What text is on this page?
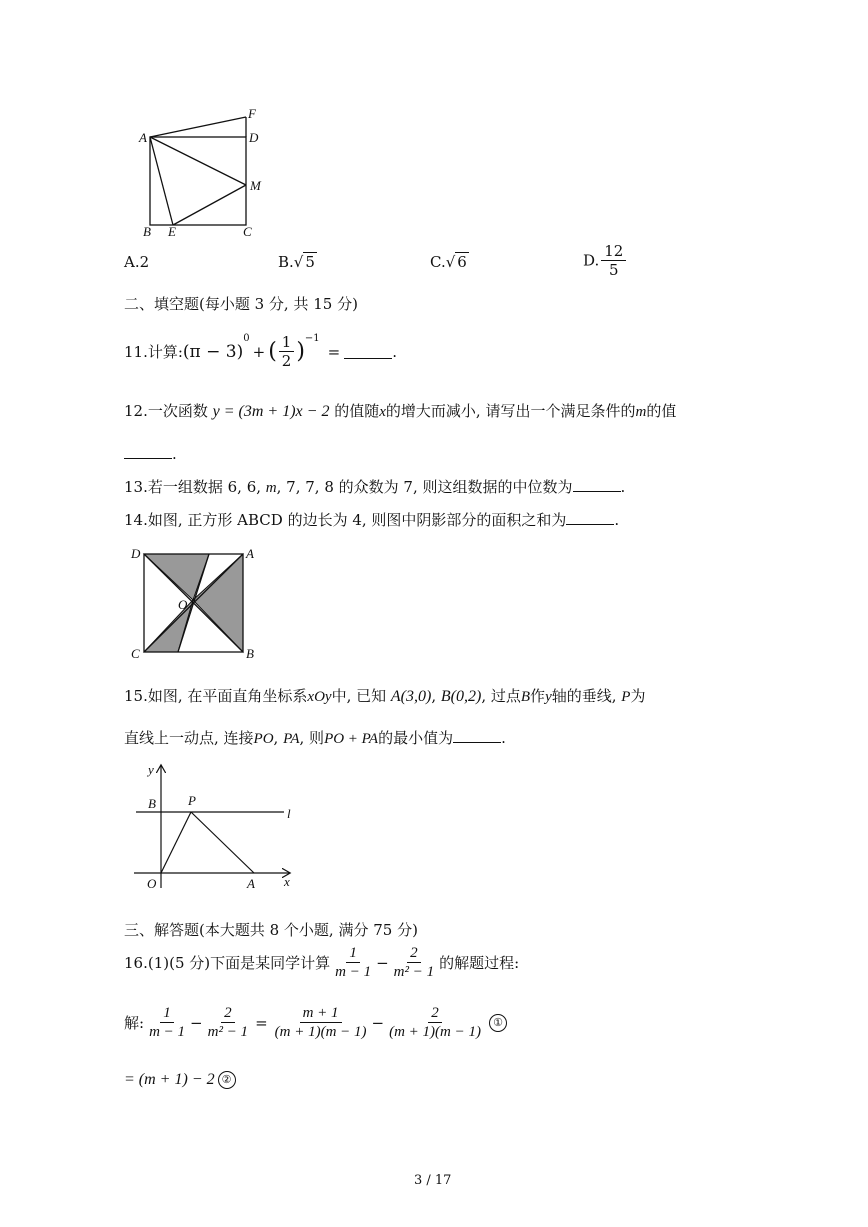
F
A	D
M
B E	C
A.2	B.√ 5	C.√ 6	D. $\frac{12}{5}$
二、填空题(每小题 3 分, 共 15 分)
11.计算: (π − 3)
$^0$
+ ( $\frac{1}{2}$ )
$^{-1}$
=	.
12.一次函数 y = (3m + 1)x − 2 的值随x的增大而减小, 请写出一个满足条件的m的值
.
13.若一组数据 6, 6, m, 7, 7, 8 的众数为 7, 则这组数据的中位数为	.
14.如图, 正方形 ABCD 的边长为 4, 则图中阴影部分的面积之和为	.
D	A
O
C	B
15.如图, 在平面直角坐标系xOy中, 已知 A(3,0), B(0,2), 过点B作y轴的垂线, P为
直线上一动点, 连接PO, PA, 则PO + PA的最小值为	.
y
B P
l
O	A x
三、解答题(本大题共 8 个小题, 满分 75 分)
16.(1)(5 分)下面是某同学计算 $\frac{1}{m - 1} - \frac{2}{\text{m² − 1}}$ 的解题过程:
解: $\frac{1}{m - 1} - \frac{2}{\text{m² − 1}} = \frac{m + 1}{(m + 1)(m - 1)} - \frac{2}{(m + 1)(m - 1)}$ ①
= (m + 1) − 2 ②
3 / 17
